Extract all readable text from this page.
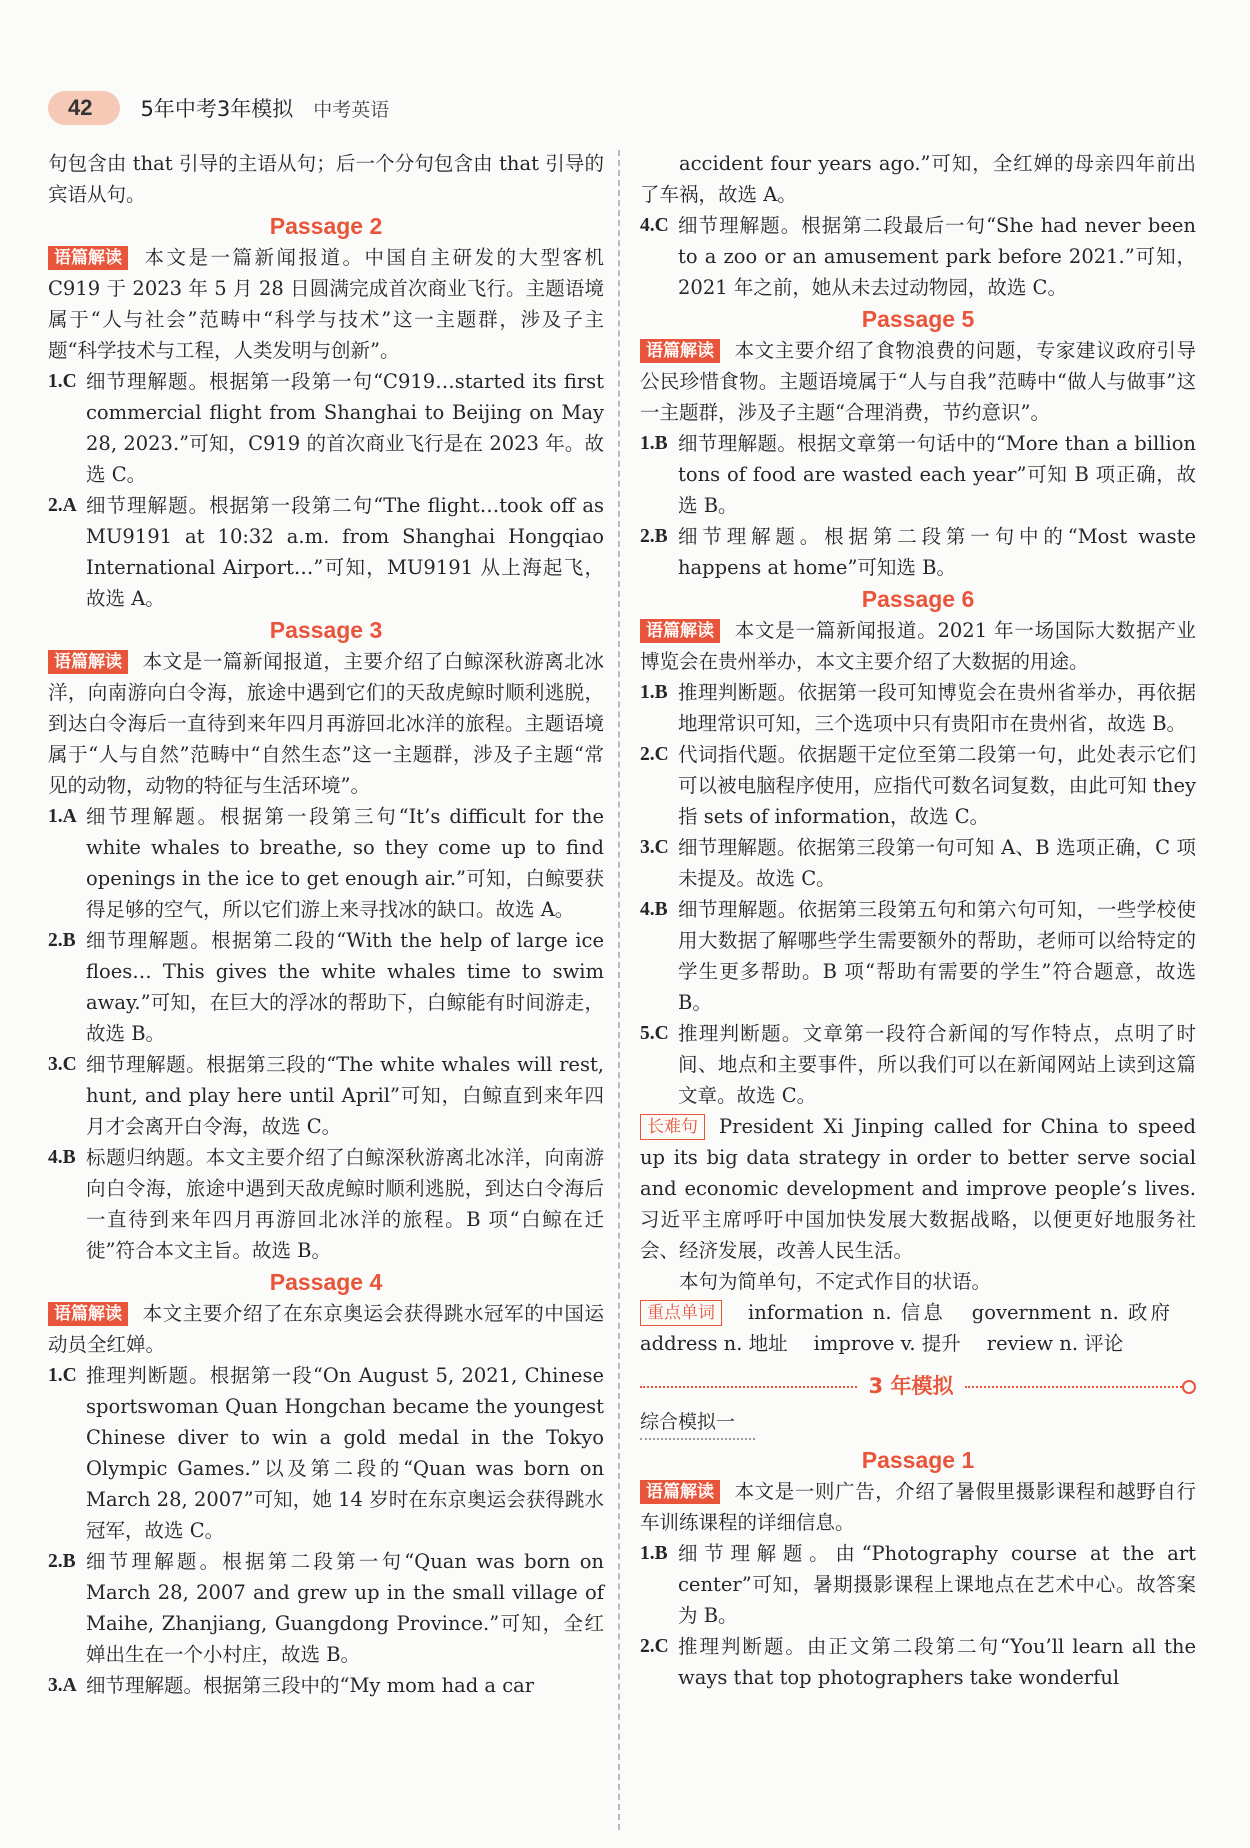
42	5年中考3年模拟 中考英语

句包含由 that 引导的主语从句；后一个分句包含由 that 引导的宾语从句。

Passage 2

语篇解读 本文是一篇新闻报道。中国自主研发的大型客机 C919 于 2023 年 5 月 28 日圆满完成首次商业飞行。主题语境属于“人与社会”范畴中“科学与技术”这一主题群，涉及子主题“科学技术与工程，人类发明与创新”。

1.C 细节理解题。根据第一段第一句“C919…started its first commercial flight from Shanghai to Beijing on May 28, 2023.”可知，C919 的首次商业飞行是在 2023 年。故选 C。
2.A 细节理解题。根据第一段第二句“The flight…took off as MU9191 at 10:32 a.m. from Shanghai Hongqiao International Airport…”可知，MU9191 从上海起飞，故选 A。
Passage 3

语篇解读 本文是一篇新闻报道，主要介绍了白鲸深秋游离北冰洋，向南游向白令海，旅途中遇到它们的天敌虎鲸时顺利逃脱，到达白令海后一直待到来年四月再游回北冰洋的旅程。主题语境属于“人与自然”范畴中“自然生态”这一主题群，涉及子主题“常见的动物，动物的特征与生活环境”。

1.A 细节理解题。根据第一段第三句“It’s difficult for the white whales to breathe, so they come up to find openings in the ice to get enough air.”可知，白鲸要获得足够的空气，所以它们游上来寻找冰的缺口。故选 A。
2.B 细节理解题。根据第二段的“With the help of large ice floes… This gives the white whales time to swim away.”可知，在巨大的浮冰的帮助下，白鲸能有时间游走，故选 B。
3.C 细节理解题。根据第三段的“The white whales will rest, hunt, and play here until April”可知，白鲸直到来年四月才会离开白令海，故选 C。
4.B 标题归纳题。本文主要介绍了白鲸深秋游离北冰洋，向南游向白令海，旅途中遇到天敌虎鲸时顺利逃脱，到达白令海后一直待到来年四月再游回北冰洋的旅程。B 项“白鲸在迁徙”符合本文主旨。故选 B。
Passage 4

语篇解读 本文主要介绍了在东京奥运会获得跳水冠军的中国运动员全红婵。

1.C 推理判断题。根据第一段“On August 5, 2021, Chinese sportswoman Quan Hongchan became the youngest Chinese diver to win a gold medal in the Tokyo Olympic Games.”以及第二段的“Quan was born on March 28, 2007”可知，她 14 岁时在东京奥运会获得跳水冠军，故选 C。
2.B 细节理解题。根据第二段第一句“Quan was born on March 28, 2007 and grew up in the small village of Maihe, Zhanjiang, Guangdong Province.”可知，全红婵出生在一个小村庄，故选 B。
3.A 细节理解题。根据第三段中的“My mom had a car

accident four years ago.”可知，全红婵的母亲四年前出了车祸，故选 A。

4.C 细节理解题。根据第二段最后一句“She had never been to a zoo or an amusement park before 2021.”可知，2021 年之前，她从未去过动物园，故选 C。
Passage 5

语篇解读 本文主要介绍了食物浪费的问题，专家建议政府引导公民珍惜食物。主题语境属于“人与自我”范畴中“做人与做事”这一主题群，涉及子主题“合理消费，节约意识”。

1.B 细节理解题。根据文章第一句话中的“More than a billion tons of food are wasted each year”可知 B 项正确，故选 B。
2.B 细节理解题。根据第二段第一句中的“Most waste happens at home”可知选 B。
Passage 6

语篇解读 本文是一篇新闻报道。2021 年一场国际大数据产业博览会在贵州举办，本文主要介绍了大数据的用途。

1.B 推理判断题。依据第一段可知博览会在贵州省举办，再依据地理常识可知，三个选项中只有贵阳市在贵州省，故选 B。
2.C 代词指代题。依据题干定位至第二段第一句，此处表示它们可以被电脑程序使用，应指代可数名词复数，由此可知 they 指 sets of information，故选 C。
3.C 细节理解题。依据第三段第一句可知 A、B 选项正确，C 项未提及。故选 C。
4.B 细节理解题。依据第三段第五句和第六句可知，一些学校使用大数据了解哪些学生需要额外的帮助，老师可以给特定的学生更多帮助。B 项“帮助有需要的学生”符合题意，故选 B。
5.C 推理判断题。文章第一段符合新闻的写作特点，点明了时间、地点和主要事件，所以我们可以在新闻网站上读到这篇文章。故选 C。

长难句 President Xi Jinping called for China to speed up its big data strategy in order to better serve social and economic development and improve people’s lives. 习近平主席呼吁中国加快发展大数据战略，以便更好地服务社会、经济发展，改善人民生活。

本句为简单句，不定式作目的状语。

重点单词 information n. 信息 government n. 政府address n. 地址 improve v. 提升 review n. 评论

3 年模拟
综合模拟一
Passage 1

语篇解读 本文是一则广告，介绍了暑假里摄影课程和越野自行车训练课程的详细信息。

1.B 细节理解题。由“Photography course at the art center”可知，暑期摄影课程上课地点在艺术中心。故答案为 B。
2.C 推理判断题。由正文第二段第二句“You’ll learn all the ways that top photographers take wonderful
